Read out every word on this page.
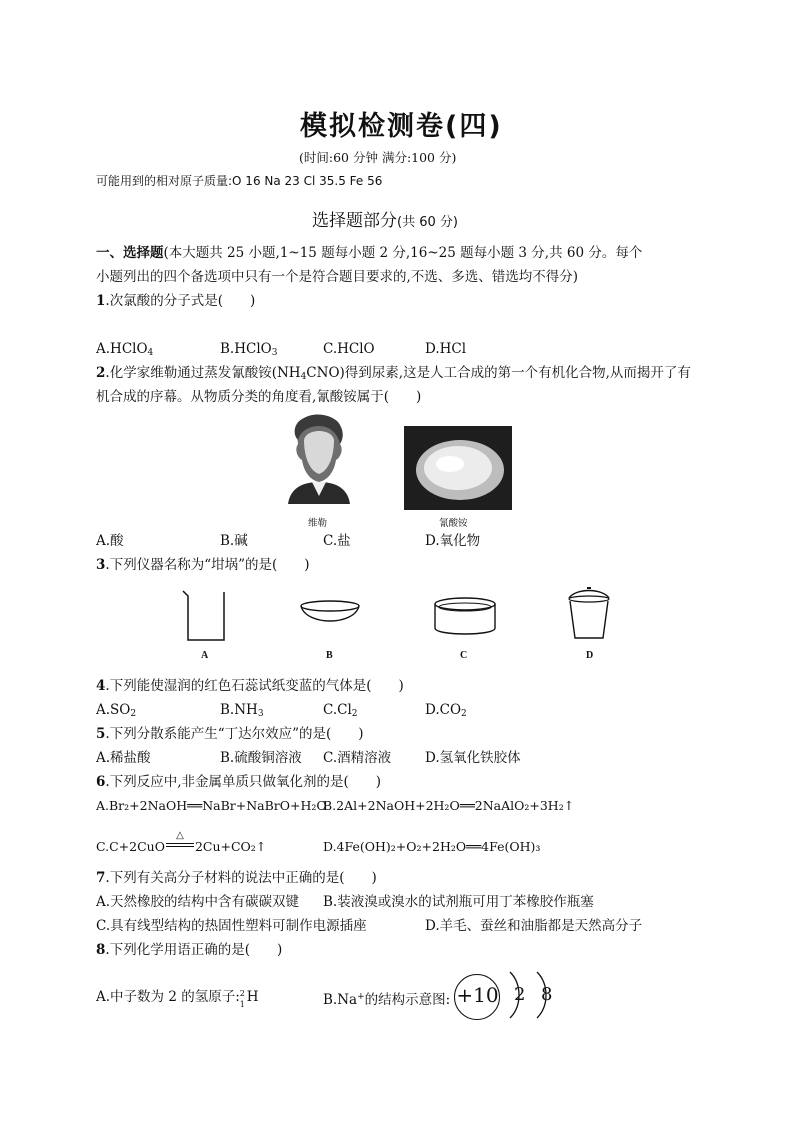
模拟检测卷(四)
(时间:60 分钟 满分:100 分)
可能用到的相对原子质量:O 16 Na 23 Cl 35.5 Fe 56
选择题部分(共 60 分)
一、选择题(本大题共 25 小题,1~15 题每小题 2 分,16~25 题每小题 3 分,共 60 分。每个
小题列出的四个备选项中只有一个是符合题目要求的,不选、多选、错选均不得分)
1.次氯酸的分子式是(　　)
A.HClO$_4$	B.HClO$_3$	C.HClO	D.HCl
2.化学家维勒通过蒸发氰酸铵$(NH_4CNO)$得到尿素,这是人工合成的第一个有机化合物,从而揭开了有
机合成的序幕。从物质分类的角度看,氰酸铵属于(　　)
维勒	氰酸铵
A.酸	B.碱	C.盐	D.氧化物
3.下列仪器名称为“坩埚”的是(　　)
A	B	C	D
4.下列能使湿润的红色石蕊试纸变蓝的气体是(　　)
$A.SO_2$	$B.NH_3$	$C.Cl_2$	$D.CO_2$
5.下列分散系能产生“丁达尔效应”的是(　　)
A.稀盐酸	B.硫酸铜溶液 C.酒精溶液	D.氢氧化铁胶体
6.下列反应中,非金属单质只做氧化剂的是(　　)
A.Br₂+2NaOH══NaBr+NaBrO+H₂O
B.2Al+2NaOH+2H₂O══2NaAlO₂+3H₂↑
C.C+2CuO
△
2Cu+CO₂↑	D.4Fe(OH)₂+O₂+2H₂O══4Fe(OH)₃
7.下列有关高分子材料的说法中正确的是(　　)
A.天然橡胶的结构中含有碳碳双键 B.装液溴或溴水的试剂瓶可用丁苯橡胶作瓶塞
C.具有线型结构的热固性塑料可制作电源插座	D.羊毛、蚕丝和油脂都是天然高分子
8.下列化学用语正确的是(　　)
A.中子数为 2 的氢原子: 2
1 H	B.Na+的结构示意图: +10 2 8
